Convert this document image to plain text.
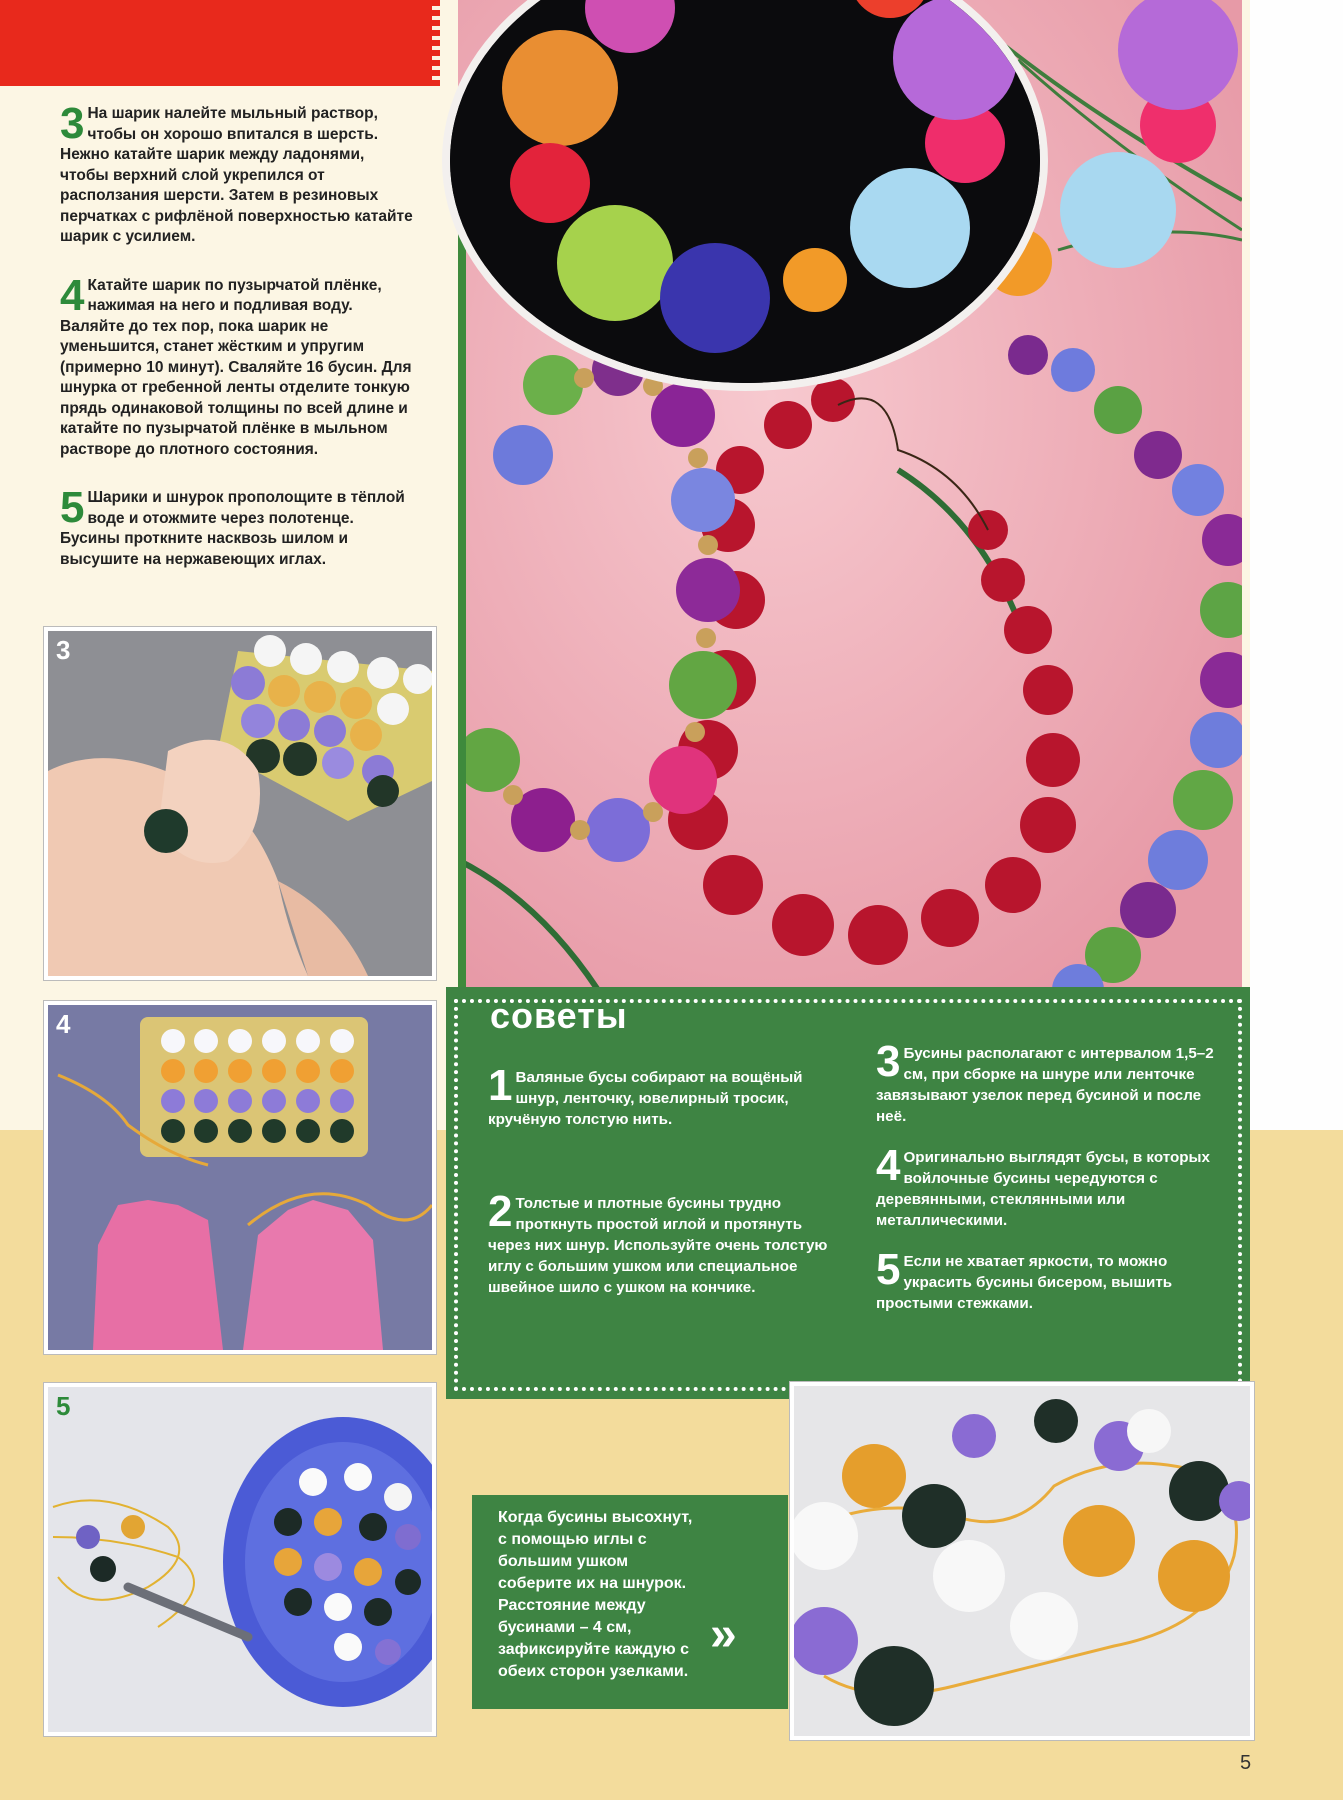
3 На шарик налейте мыльный раствор, чтобы он хорошо впитался в шерсть. Нежно катайте шарик между ладонями, чтобы верхний слой укрепился от расползания шерсти. Затем в резиновых перчатках с рифлёной поверхностью катайте шарик с усилием.
4 Катайте шарик по пузырчатой плёнке, нажимая на него и подливая воду. Валяйте до тех пор, пока шарик не уменьшится, станет жёстким и упругим (примерно 10 минут). Сваляйте 16 бусин. Для шнурка от гребенной ленты отделите тонкую прядь одинаковой толщины по всей длине и катайте по пузырчатой плёнке в мыльном растворе до плотного состояния.
5 Шарики и шнурок прополощите в тёплой воде и отожмите через полотенце. Бусины проткните насквозь шилом и высушите на нержавеющих иглах.
3
4
5
советы
1 Валяные бусы собирают на вощёный шнур, ленточку, ювелирный тросик, кручёную толстую нить.
2 Толстые и плотные бусины трудно проткнуть простой иглой и протянуть через них шнур. Используйте очень толстую иглу с большим ушком или специальное швейное шило с ушком на кончике.
3 Бусины располагают с интервалом 1,5–2 см, при сборке на шнуре или ленточке завязывают узелок перед бусиной и после неё.
4 Оригинально выглядят бусы, в которых войлочные бусины чередуются с деревянными, стеклянными или металлическими.
5 Если не хватает яркости, то можно украсить бусины бисером, вышить простыми стежками.
Когда бусины высохнут, с помощью иглы с большим ушком соберите их на шнурок. Расстояние между бусинами – 4 см, зафиксируйте каждую с обеих сторон узелками.
»
5
